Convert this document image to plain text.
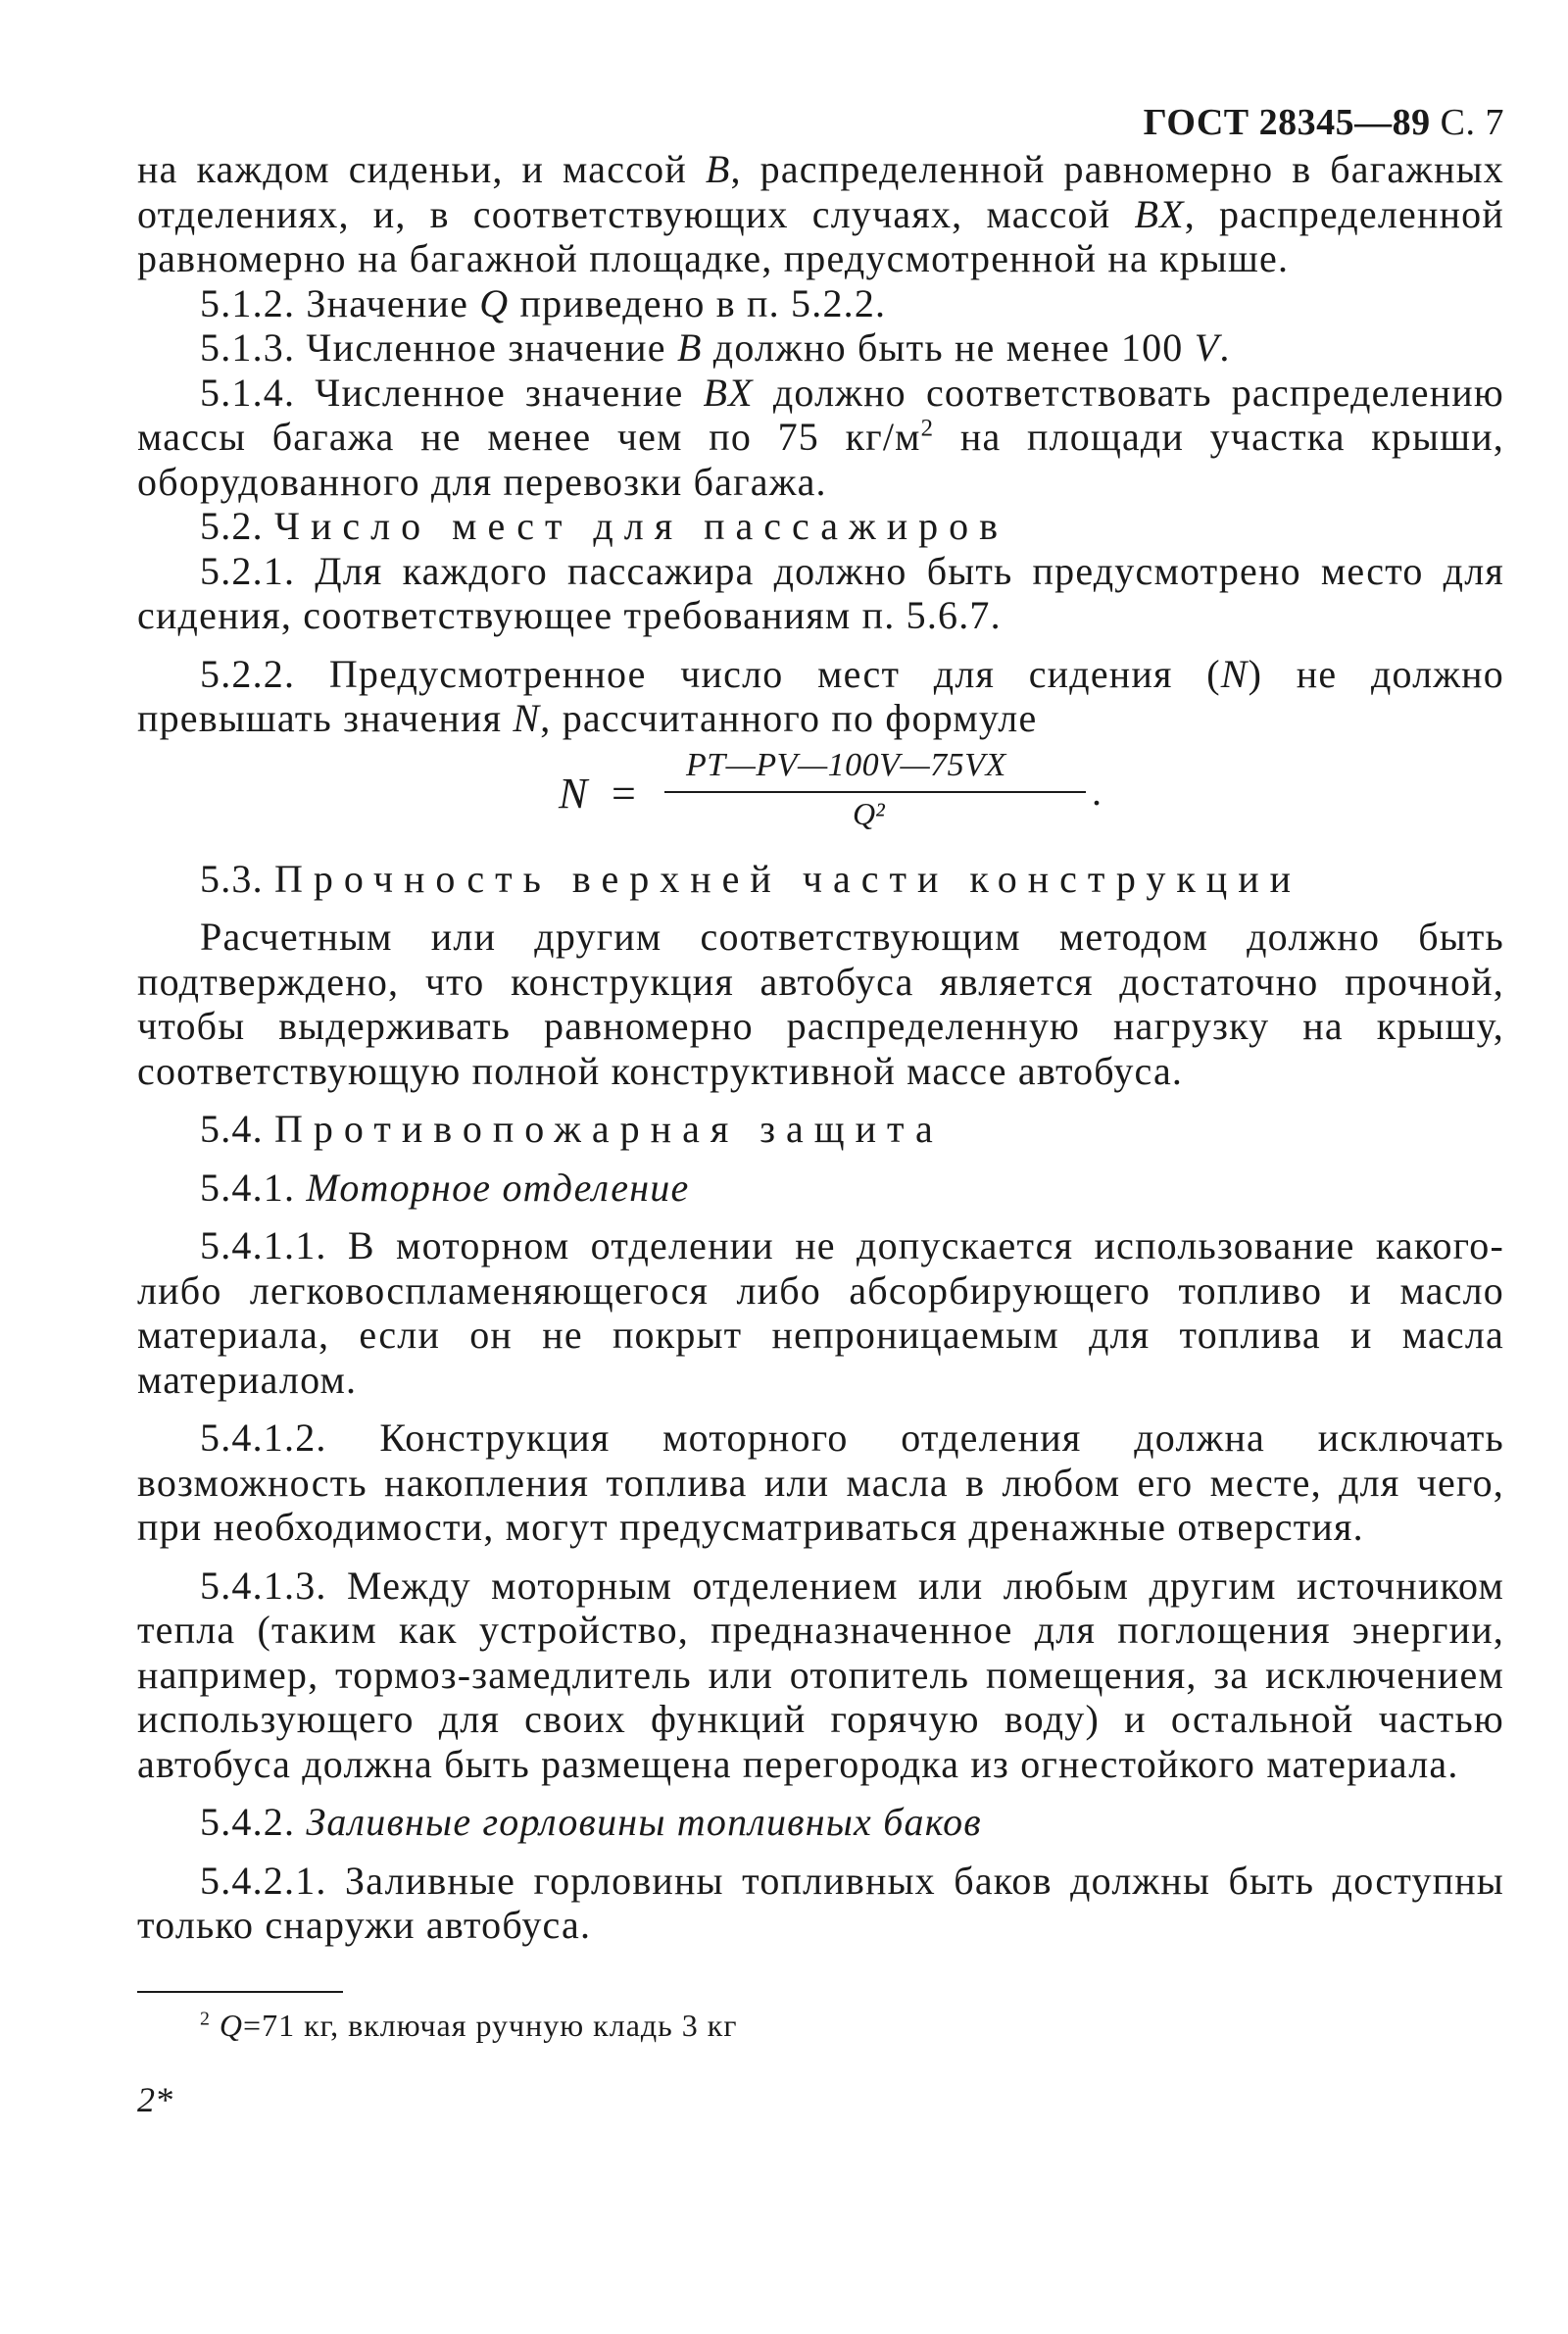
ГОСТ 28345—89 С. 7

на каждом сиденьи, и массой В, распределенной равномерно в багажных отделениях, и, в соответствующих случаях, массой BX, распределенной равномерно на багажной площадке, предусмотренной на крыше.

5.1.2. Значение Q приведено в п. 5.2.2.

5.1.3. Численное значение В должно быть не менее 100 V.

5.1.4. Численное значение BX должно соответствовать распределению массы багажа не менее чем по 75 $кг/м^2$ на площади участка крыши, оборудованного для перевозки багажа.

5.2. Число мест для пассажиров

5.2.1. Для каждого пассажира должно быть предусмотрено место для сидения, соответствующее требованиям п. 5.6.7.

5.2.2. Предусмотренное число мест для сидения (N) не должно превышать значения N, рассчитанного по формуле

N =
PT—PV—100V—75VX
Q²	.

5.3. Прочность верхней части конструкции

Расчетным или другим соответствующим методом должно быть подтверждено, что конструкция автобуса является достаточно прочной, чтобы выдерживать равномерно распределенную нагрузку на крышу, соответствующую полной конструктивной массе автобуса.

5.4. Противопожарная защита

5.4.1. Моторное отделение

5.4.1.1. В моторном отделении не допускается использование какого-либо легковоспламеняющегося либо абсорбирующего топливо и масло материала, если он не покрыт непроницаемым для топлива и масла материалом.

5.4.1.2. Конструкция моторного отделения должна исключать возможность накопления топлива или масла в любом его месте, для чего, при необходимости, могут предусматриваться дренажные отверстия.

5.4.1.3. Между моторным отделением или любым другим источником тепла (таким как устройство, предназначенное для поглощения энергии, например, тормоз-замедлитель или отопитель помещения, за исключением использующего для своих функций горячую воду) и остальной частью автобуса должна быть размещена перегородка из огнестойкого материала.

5.4.2. Заливные горловины топливных баков

5.4.2.1. Заливные горловины топливных баков должны быть доступны только снаружи автобуса.

$^2$ Q=71 кг, включая ручную кладь 3 кг
2*
